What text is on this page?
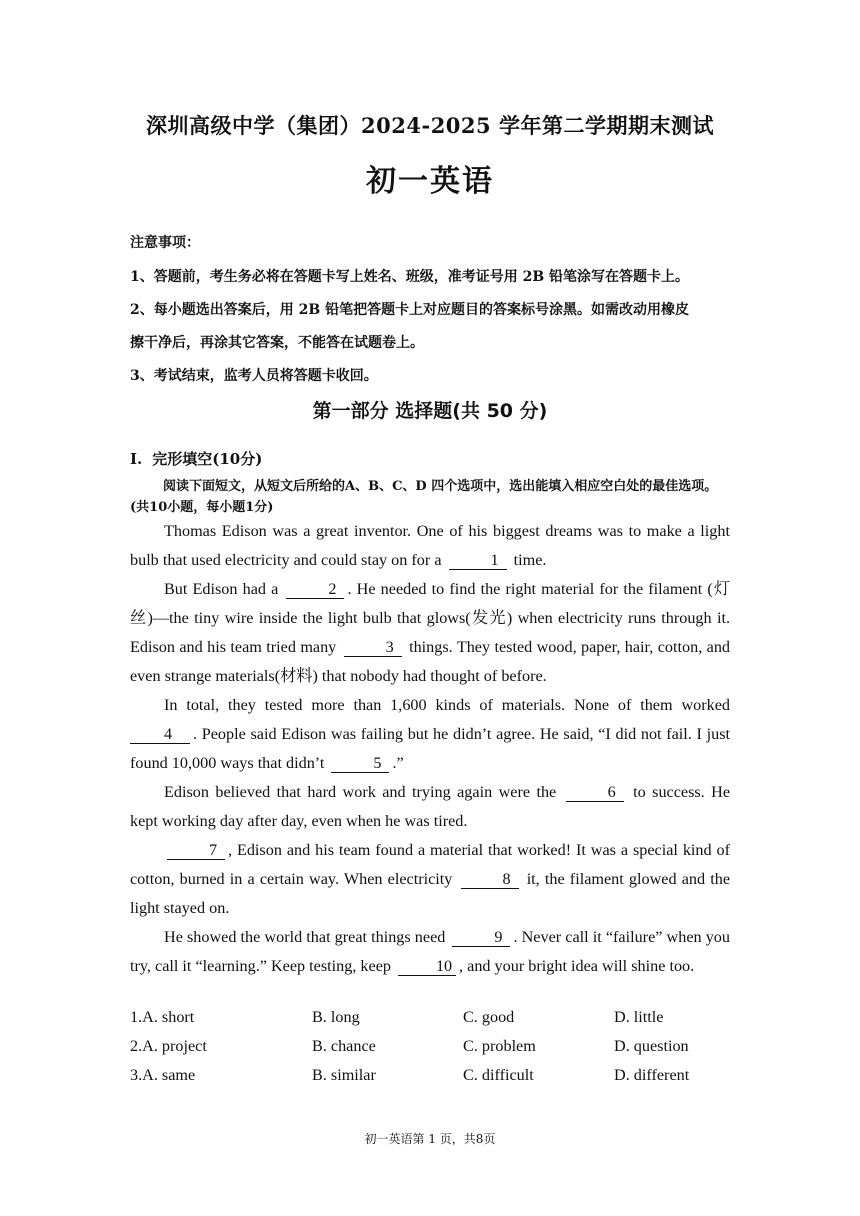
深圳高级中学（集团）2024-2025 学年第二学期期末测试
初一英语
注意事项：
1、答题前，考生务必将在答题卡写上姓名、班级，准考证号用 2B 铅笔涂写在答题卡上。
2、每小题选出答案后，用 2B 铅笔把答题卡上对应题目的答案标号涂黑。如需改动用橡皮
擦干净后，再涂其它答案，不能答在试题卷上。
3、考试结束，监考人员将答题卡收回。
第一部分 选择题(共 50 分)
I. 完形填空(10分)
阅读下面短文，从短文后所给的A、B、C、D 四个选项中，选出能填入相应空白处的最佳选项。(共10小题，每小题1分)

Thomas Edison was a great inventor. One of his biggest dreams was to make a light bulb that used electricity and could stay on for a	1 time.

But Edison had a	2 . He needed to find the right material for the filament (灯丝)—the tiny wire inside the light bulb that glows(发光) when electricity runs through it. Edison and his team tried many	3 things. They tested wood, paper, hair, cotton, and even strange materials(材料) that nobody had thought of before.

In total, they tested more than 1,600 kinds of materials. None of them worked 4 . People said Edison was failing but he didn’t agree. He said, “I did not fail. I just found 10,000 ways that didn’t	5 .”

Edison believed that hard work and trying again were the	6 to success. He kept working day after day, even when he was tired.

7 , Edison and his team found a material that worked! It was a special kind of cotton, burned in a certain way. When electricity	8 it, the filament glowed and the light stayed on.

He showed the world that great things need	9 . Never call it “failure” when you try, call it “learning.” Keep testing, keep	10 , and your bright idea will shine too.

1.A. short	B. long	C. good	D. little
2.A. project	B. chance	C. problem	D. question
3.A. same	B. similar	C. difficult	D. different
初一英语第 1 页，共8页
